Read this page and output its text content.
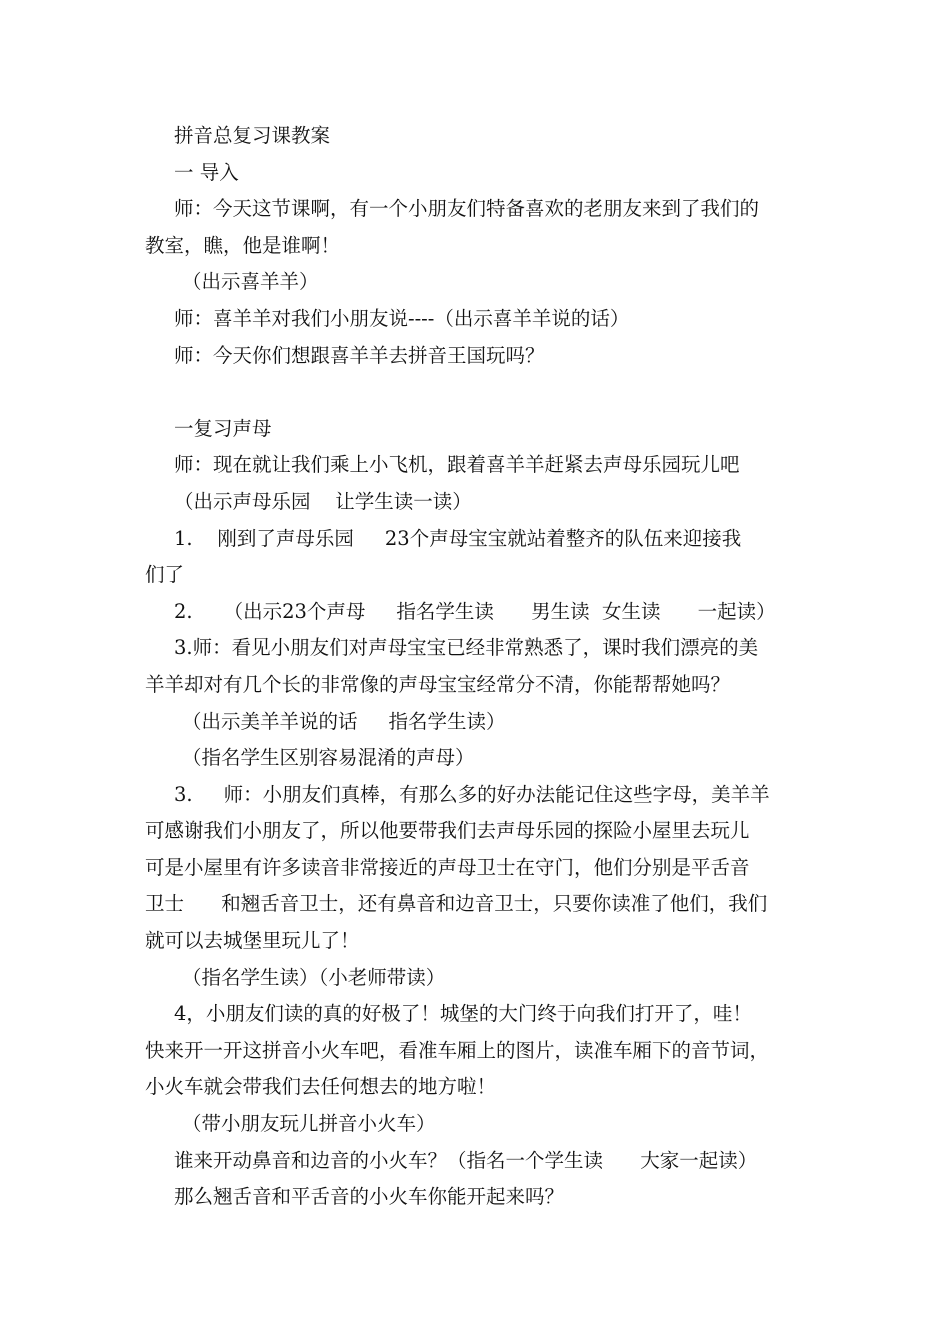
拼音总复习课教案
一 导入
师：今天这节课啊，有一个小朋友们特备喜欢的老朋友来到了我们的
教室，瞧，他是谁啊！
（出示喜羊羊）
师：喜羊羊对我们小朋友说----（出示喜羊羊说的话）
师：今天你们想跟喜羊羊去拼音王国玩吗？
一复习声母
师：现在就让我们乘上小飞机，跟着喜羊羊赶紧去声母乐园玩儿吧
（出示声母乐园    让学生读一读）
1.    刚到了声母乐园     23个声母宝宝就站着整齐的队伍来迎接我
们了
2.     （出示23个声母     指名学生读      男生读  女生读      一起读）
3.师：看见小朋友们对声母宝宝已经非常熟悉了，课时我们漂亮的美
羊羊却对有几个长的非常像的声母宝宝经常分不清，你能帮帮她吗？
（出示美羊羊说的话     指名学生读）
（指名学生区别容易混淆的声母）
3.     师：小朋友们真棒，有那么多的好办法能记住这些字母，美羊羊
可感谢我们小朋友了，所以他要带我们去声母乐园的探险小屋里去玩儿
可是小屋里有许多读音非常接近的声母卫士在守门，他们分别是平舌音
卫士      和翘舌音卫士，还有鼻音和边音卫士，只要你读准了他们，我们
就可以去城堡里玩儿了！
（指名学生读）（小老师带读）
4，小朋友们读的真的好极了！城堡的大门终于向我们打开了，哇！
快来开一开这拼音小火车吧，看准车厢上的图片，读准车厢下的音节词，
小火车就会带我们去任何想去的地方啦！
（带小朋友玩儿拼音小火车）
谁来开动鼻音和边音的小火车？（指名一个学生读      大家一起读）
那么翘舌音和平舌音的小火车你能开起来吗？
